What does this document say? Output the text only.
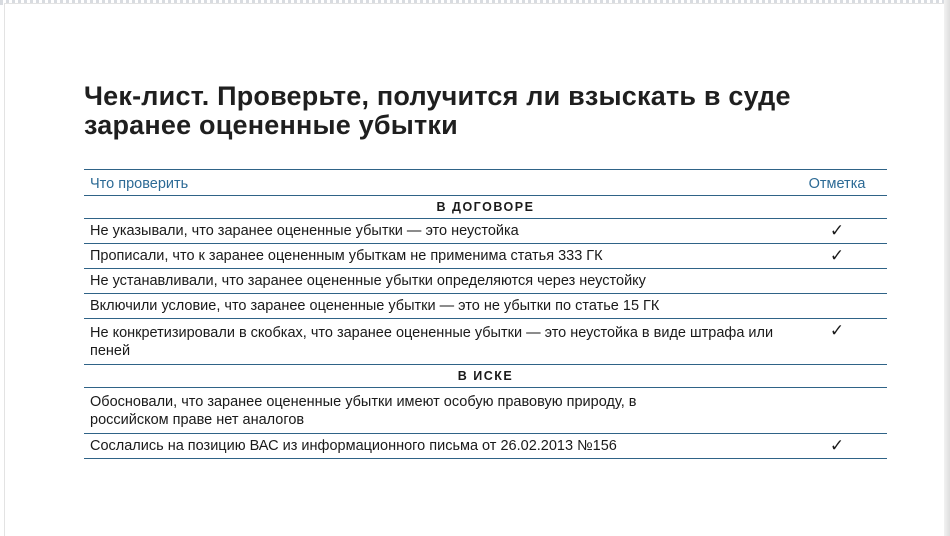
Чек-лист. Проверьте, получится ли взыскать в суде
заранее оцененные убытки
Что проверить	Отметка
В ДОГОВОРЕ	
Не указывали, что заранее оцененные убытки — это неустойка	✓
Прописали, что к заранее оцененным убыткам не применима статья 333 ГК	✓
Не устанавливали, что заранее оцененные убытки определяются через неустойку	
Включили условие, что заранее оцененные убытки — это не убытки по статье 15 ГК	
Не конкретизировали в скобках, что заранее оцененные убытки — это неустойка в виде штрафа или пеней	✓
В ИСКЕ	
Обосновали, что заранее оцененные убытки имеют особую правовую природу, в российском праве нет аналогов	
Сослались на позицию ВАС из информационного письма от 26.02.2013 №156	✓
